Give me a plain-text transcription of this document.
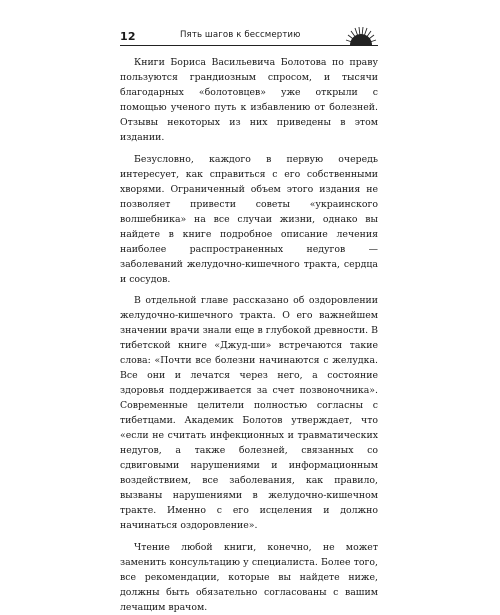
12	Пять шагов к бессмертию

Книги Бориса Васильевича Болотова по праву пользуются грандиозным спросом, и тысячи благодарных «болотовцев» уже открыли с помощью ученого путь к избавлению от болезней. Отзывы некоторых из них приведены в этом издании.

Безусловно, каждого в первую очередь интересует, как справиться с его собственными хворями. Ограниченный объем этого издания не позволяет привести советы «украинского волшебника» на все случаи жизни, однако вы найдете в книге подробное описание лечения наиболее распространенных недугов — заболеваний желудочно-кишечного тракта, сердца и сосудов.

В отдельной главе рассказано об оздоровлении желудочно-кишечного тракта. О его важнейшем значении врачи знали еще в глубокой древности. В тибетской книге «Джуд-ши» встречаются такие слова: «Почти все болезни начинаются с желудка. Все они и лечатся через него, а состояние здоровья поддерживается за счет позвоночника». Современные целители полностью согласны с тибетцами. Академик Болотов утверждает, что «если не считать инфекционных и травматических недугов, а также болезней, связанных со сдвиговыми нарушениями и информационным воздействием, все заболевания, как правило, вызваны нарушениями в желудочно-кишечном тракте. Именно с его исцеления и должно начинаться оздоровление».

Чтение любой книги, конечно, не может заменить консультацию у специалиста. Более того, все рекомендации, которые вы найдете ниже, должны быть обязательно согласованы с вашим лечащим врачом.
